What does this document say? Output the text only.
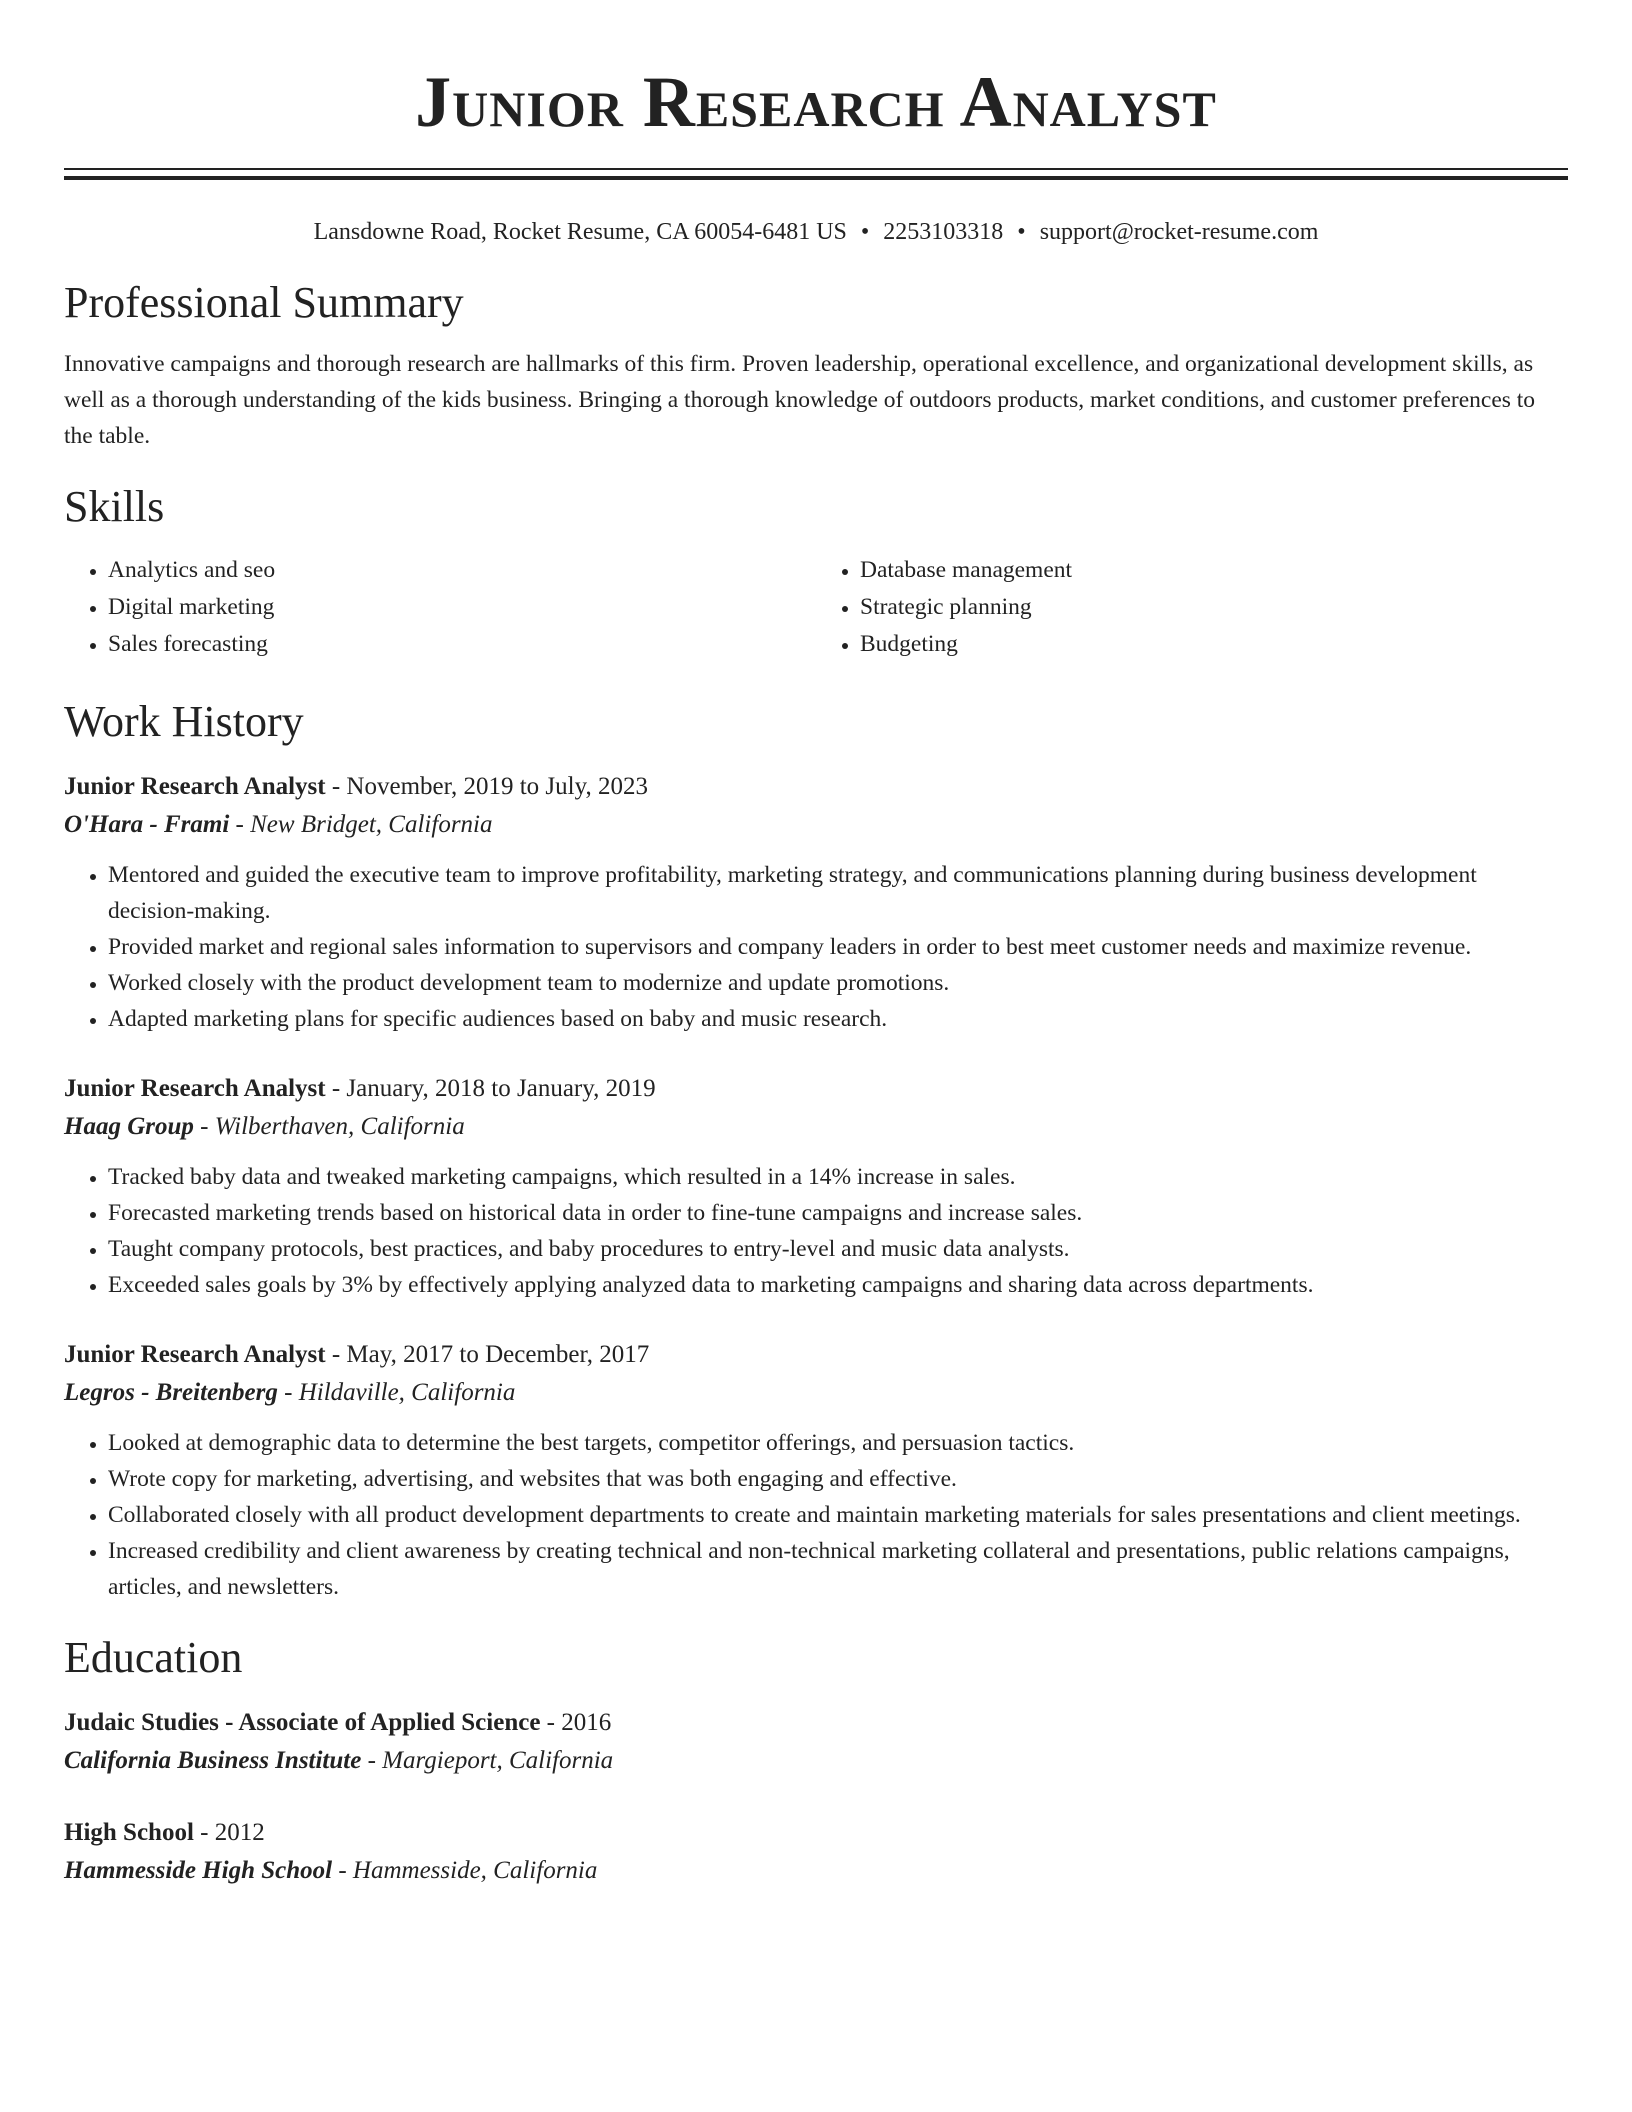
Junior Research Analyst
Lansdowne Road, Rocket Resume, CA 60054-6481 US • 2253103318 • support@rocket-resume.com
Professional Summary

Innovative campaigns and thorough research are hallmarks of this firm. Proven leadership, operational excellence, and organizational development skills, as well as a thorough understanding of the kids business. Bringing a thorough knowledge of outdoors products, market conditions, and customer preferences to the table.

Skills
• Analytics and seo
• Digital marketing
• Sales forecasting
• Database management
• Strategic planning
• Budgeting
Work History
Junior Research Analyst - November, 2019 to July, 2023
O'Hara - Frami - New Bridget, California
• Mentored and guided the executive team to improve profitability, marketing strategy, and communications planning during business development decision-making.
• Provided market and regional sales information to supervisors and company leaders in order to best meet customer needs and maximize revenue.
• Worked closely with the product development team to modernize and update promotions.
• Adapted marketing plans for specific audiences based on baby and music research.
Junior Research Analyst - January, 2018 to January, 2019
Haag Group - Wilberthaven, California
• Tracked baby data and tweaked marketing campaigns, which resulted in a 14% increase in sales.
• Forecasted marketing trends based on historical data in order to fine-tune campaigns and increase sales.
• Taught company protocols, best practices, and baby procedures to entry-level and music data analysts.
• Exceeded sales goals by 3% by effectively applying analyzed data to marketing campaigns and sharing data across departments.
Junior Research Analyst - May, 2017 to December, 2017
Legros - Breitenberg - Hildaville, California
• Looked at demographic data to determine the best targets, competitor offerings, and persuasion tactics.
• Wrote copy for marketing, advertising, and websites that was both engaging and effective.
• Collaborated closely with all product development departments to create and maintain marketing materials for sales presentations and client meetings.
• Increased credibility and client awareness by creating technical and non-technical marketing collateral and presentations, public relations campaigns, articles, and newsletters.
Education
Judaic Studies - Associate of Applied Science - 2016
California Business Institute - Margieport, California
High School - 2012
Hammesside High School - Hammesside, California
